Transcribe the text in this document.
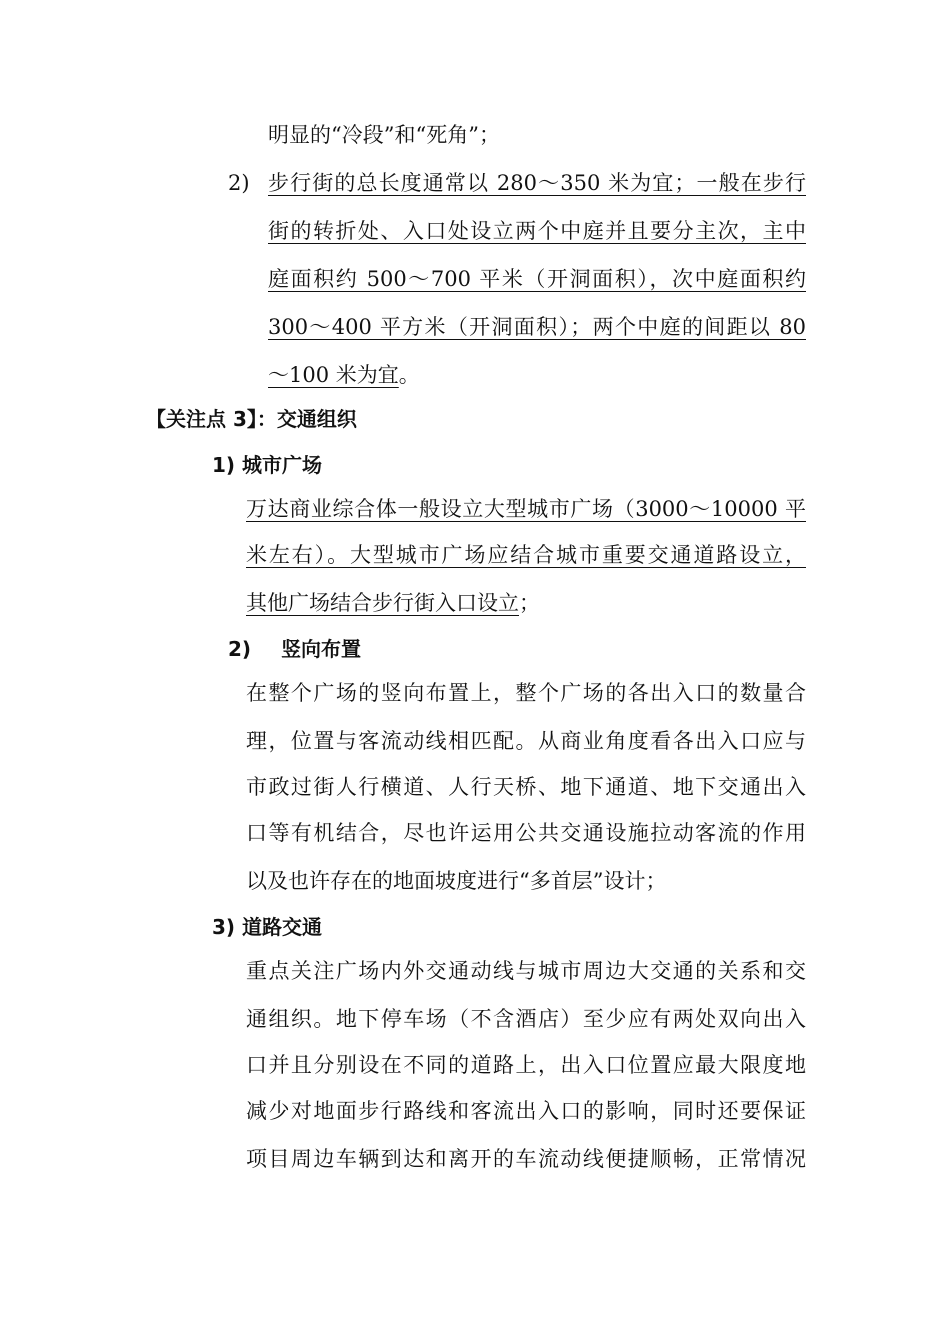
明显的“冷段”和“死角”；
2) 步行街的总长度通常以 280～350 米为宜；一般在步行
街的转折处、入口处设立两个中庭并且要分主次，主中
庭面积约 500～700 平米（开洞面积），次中庭面积约
300～400 平方米（开洞面积）；两个中庭的间距以 80
～100 米为宜。
【关注点 3】：交通组织
1) 城市广场
万达商业综合体一般设立大型城市广场（3000～10000 平
米左右）。大型城市广场应结合城市重要交通道路设立，
其他广场结合步行街入口设立；
2) 竖向布置
在整个广场的竖向布置上，整个广场的各出入口的数量合
理，位置与客流动线相匹配。从商业角度看各出入口应与
市政过街人行横道、人行天桥、地下通道、地下交通出入
口等有机结合，尽也许运用公共交通设施拉动客流的作用
以及也许存在的地面坡度进行“多首层”设计；
3) 道路交通
重点关注广场内外交通动线与城市周边大交通的关系和交
通组织。地下停车场（不含酒店）至少应有两处双向出入
口并且分别设在不同的道路上，出入口位置应最大限度地
减少对地面步行路线和客流出入口的影响，同时还要保证
项目周边车辆到达和离开的车流动线便捷顺畅，正常情况
